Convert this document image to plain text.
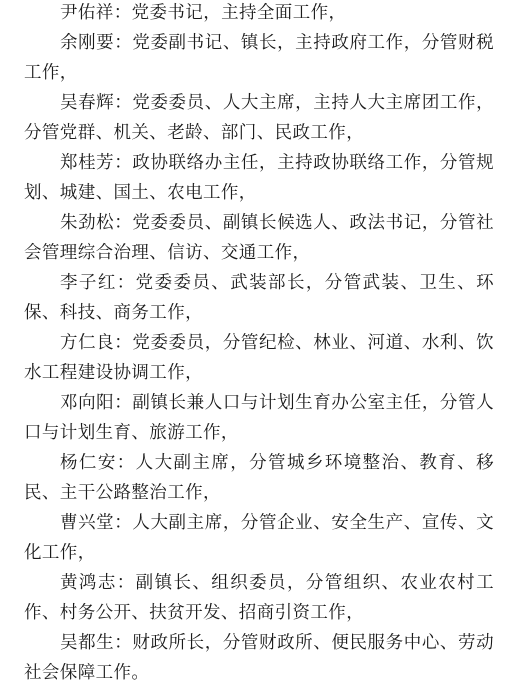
尹佑祥：党委书记，主持全面工作，

余刚要：党委副书记、镇长，主持政府工作，分管财税工作，

吴春辉：党委委员、人大主席，主持人大主席团工作，分管党群、机关、老龄、部门、民政工作，

郑桂芳：政协联络办主任，主持政协联络工作，分管规划、城建、国土、农电工作，

朱劲松：党委委员、副镇长候选人、政法书记，分管社会管理综合治理、信访、交通工作，

李子红：党委委员、武装部长，分管武装、卫生、环保、科技、商务工作，

方仁良：党委委员，分管纪检、林业、河道、水利、饮水工程建设协调工作，

邓向阳：副镇长兼人口与计划生育办公室主任，分管人口与计划生育、旅游工作，

杨仁安：人大副主席，分管城乡环境整治、教育、移民、主干公路整治工作，

曹兴堂：人大副主席，分管企业、安全生产、宣传、文化工作，

黄鸿志：副镇长、组织委员，分管组织、农业农村工作、村务公开、扶贫开发、招商引资工作，

吴都生：财政所长，分管财政所、便民服务中心、劳动社会保障工作。
